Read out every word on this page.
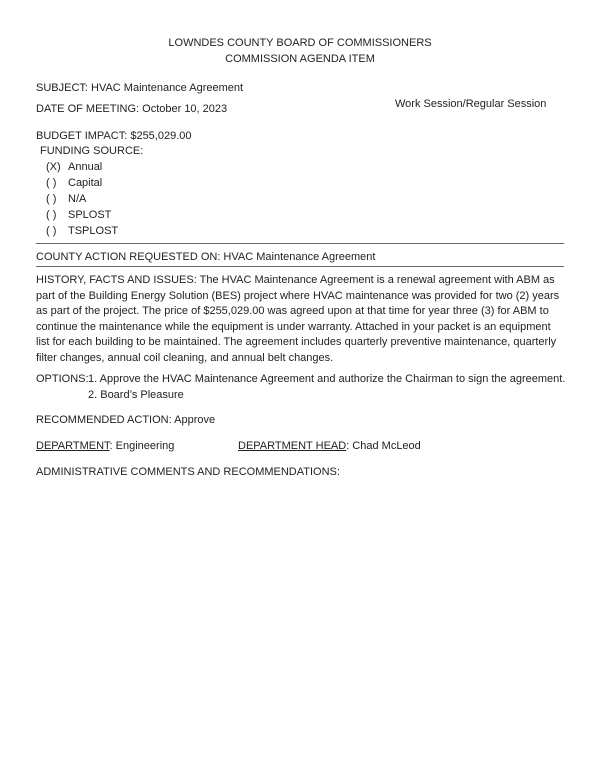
LOWNDES COUNTY BOARD OF COMMISSIONERS
COMMISSION AGENDA ITEM
SUBJECT: HVAC Maintenance Agreement
DATE OF MEETING: October 10, 2023	Work Session/Regular Session
BUDGET IMPACT: $255,029.00
FUNDING SOURCE:
(X) Annual
( ) Capital
( ) N/A
( ) SPLOST
( ) TSPLOST
COUNTY ACTION REQUESTED ON: HVAC Maintenance Agreement
HISTORY, FACTS AND ISSUES: The HVAC Maintenance Agreement is a renewal agreement with ABM as part of the Building Energy Solution (BES) project where HVAC maintenance was provided for two (2) years as part of the project. The price of $255,029.00 was agreed upon at that time for year three (3) for ABM to continue the maintenance while the equipment is under warranty. Attached in your packet is an equipment list for each building to be maintained. The agreement includes quarterly preventive maintenance, quarterly filter changes, annual coil cleaning, and annual belt changes.
OPTIONS: 1. Approve the HVAC Maintenance Agreement and authorize the Chairman to sign the agreement.
2. Board’s Pleasure
RECOMMENDED ACTION: Approve
DEPARTMENT: Engineering	DEPARTMENT HEAD: Chad McLeod
ADMINISTRATIVE COMMENTS AND RECOMMENDATIONS:
